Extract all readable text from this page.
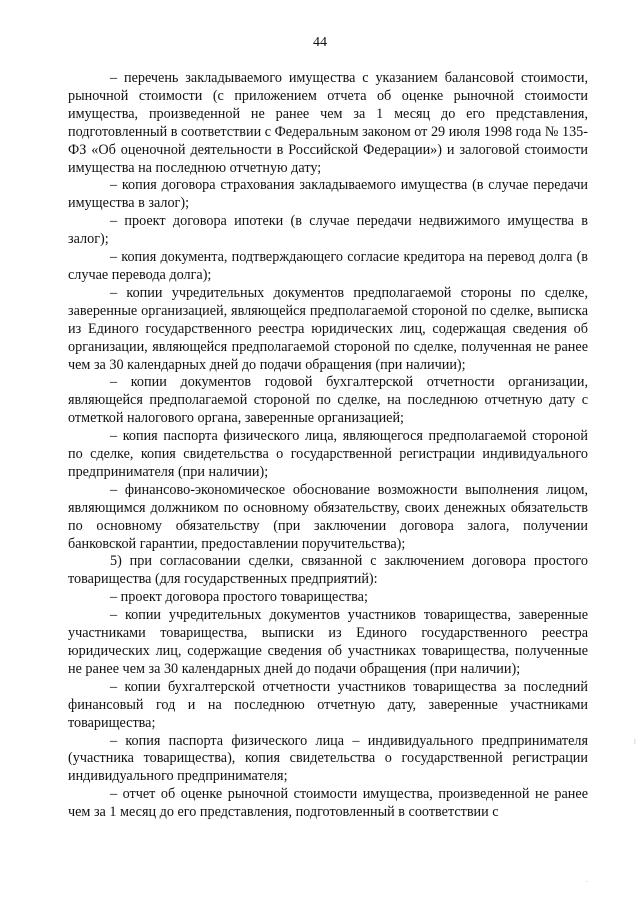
44

– перечень закладываемого имущества с указанием балансовой стоимости, рыночной стоимости (с приложением отчета об оценке рыночной стоимости имущества, произведенной не ранее чем за 1 месяц до его представления, подготовленный в соответствии с Федеральным законом от 29 июля 1998 года № 135-ФЗ «Об оценочной деятельности в Российской Федерации») и залоговой стоимости имущества на последнюю отчетную дату;

– копия договора страхования закладываемого имущества (в случае передачи имущества в залог);

– проект договора ипотеки (в случае передачи недвижимого имущества в залог);

– копия документа, подтверждающего согласие кредитора на перевод долга (в случае перевода долга);

– копии учредительных документов предполагаемой стороны по сделке, заверенные организацией, являющейся предполагаемой стороной по сделке, выписка из Единого государственного реестра юридических лиц, содержащая сведения об организации, являющейся предполагаемой стороной по сделке, полученная не ранее чем за 30 календарных дней до подачи обращения (при наличии);

– копии документов годовой бухгалтерской отчетности организации, являющейся предполагаемой стороной по сделке, на последнюю отчетную дату с отметкой налогового органа, заверенные организацией;

– копия паспорта физического лица, являющегося предполагаемой стороной по сделке, копия свидетельства о государственной регистрации индивидуального предпринимателя (при наличии);

– финансово-экономическое обоснование возможности выполнения лицом, являющимся должником по основному обязательству, своих денежных обязательств по основному обязательству (при заключении договора залога, получении банковской гарантии, предоставлении поручительства);

5) при согласовании сделки, связанной с заключением договора простого товарищества (для государственных предприятий):

– проект договора простого товарищества;

– копии учредительных документов участников товарищества, заверенные участниками товарищества, выписки из Единого государственного реестра юридических лиц, содержащие сведения об участниках товарищества, полученные не ранее чем за 30 календарных дней до подачи обращения (при наличии);

– копии бухгалтерской отчетности участников товарищества за последний финансовый год и на последнюю отчетную дату, заверенные участниками товарищества;

– копия паспорта физического лица – индивидуального предпринимателя (участника товарищества), копия свидетельства о государственной регистрации индивидуального предпринимателя;

– отчет об оценке рыночной стоимости имущества, произведенной не ранее чем за 1 месяц до его представления, подготовленный в соответствии с

⁝
·
